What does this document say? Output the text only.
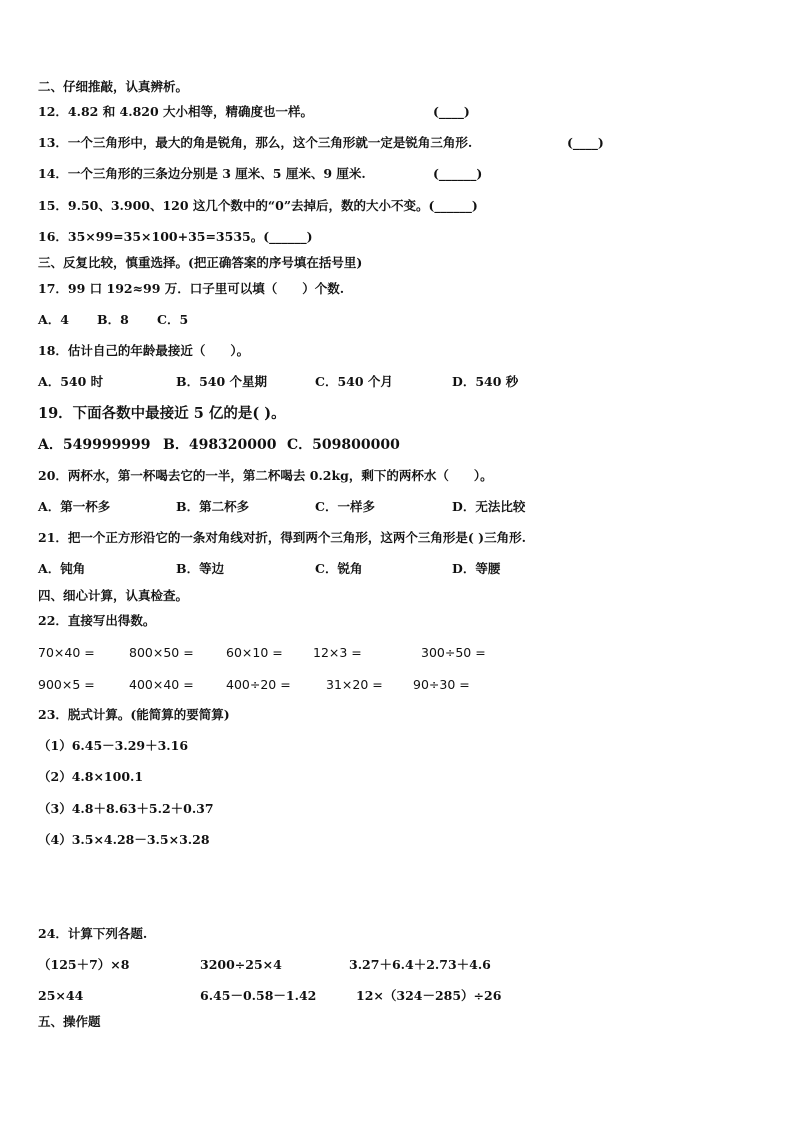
二、仔细推敲，认真辨析。
12．4.82 和 4.820 大小相等，精确度也一样。	(____)
13．一个三角形中，最大的角是锐角，那么，这个三角形就一定是锐角三角形.	(____)
14．一个三角形的三条边分别是 3 厘米、5 厘米、9 厘米.	(______)
15．9.50、3.900、120 这几个数中的“0”去掉后，数的大小不变。(______)
16．35×99=35×100+35=3535。(______)
三、反复比较，慎重选择。(把正确答案的序号填在括号里)
17．99 口 192≈99 万．口子里可以填（　　）个数.
A．4 B．8 C．5
18．估计自己的年龄最接近（　　）。
A．540 时	B．540 个星期	C．540 个月	D．540 秒
19．下面各数中最接近 5 亿的是( )。
A．549999999 B．498320000 C．509800000
20．两杯水，第一杯喝去它的一半，第二杯喝去 0.2kg，剩下的两杯水（　　）。
A．第一杯多	B．第二杯多	C．一样多	D．无法比较
21．把一个正方形沿它的一条对角线对折，得到两个三角形，这两个三角形是( )三角形.
A．钝角	B．等边	C．锐角	D．等腰
四、细心计算，认真检查。
22．直接写出得数。
70×40 =	800×50 =	60×10 = 12×3 =	300÷50 =
900×5 =	400×40 =	400÷20 =	31×20 = 90÷30 =
23．脱式计算。(能简算的要简算)
（1）6.45－3.29＋3.16
（2）4.8×100.1
（3）4.8＋8.63＋5.2＋0.37
（4）3.5×4.28－3.5×3.28
24．计算下列各题.
（125＋7）×8	3200÷25×4	3.27＋6.4＋2.73＋4.6
25×44	6.45－0.58－1.42	12×（324－285）÷26
五、操作题
